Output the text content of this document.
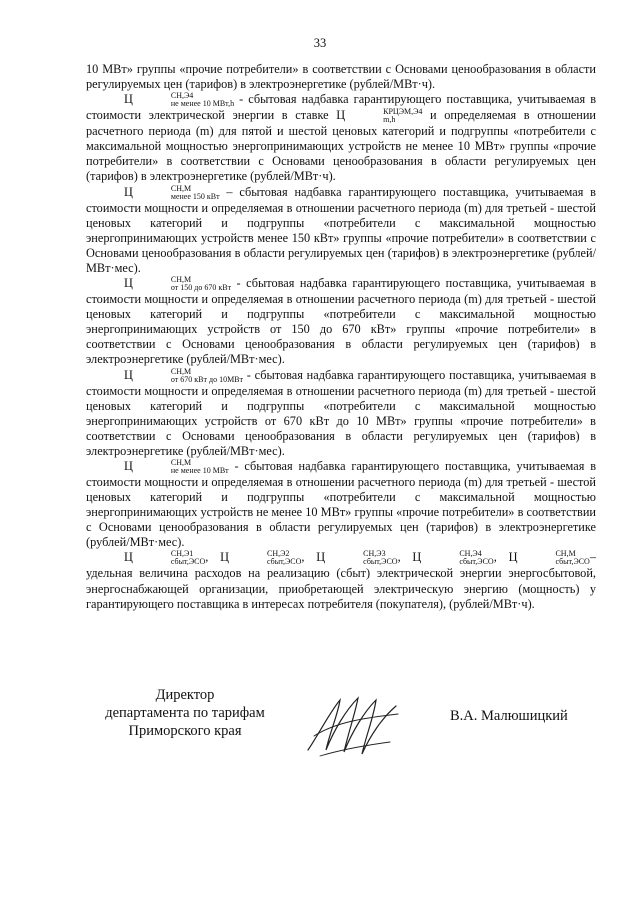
33

10 МВт» группы «прочие потребители» в соответствии с Основами ценообразования в области регулируемых цен (тарифов) в электроэнергетике (рублей/МВт·ч).

Ц	СН,Э4
не менее 10 МВт,h - сбытовая надбавка гарантирующего поставщика, учитываемая в стоимости электрической энергии в ставке Ц	КРЦЭМ,Э4
m,h	и определяемая в отношении расчетного периода (m) для пятой и шестой ценовых категорий и подгруппы «потребители с максимальной мощностью энергопринимающих устройств не менее 10 МВт» группы «прочие потребители» в соответствии с Основами ценообразования в области регулируемых цен (тарифов) в электроэнергетике (рублей/МВт·ч).

Ц	СН,М
менее 150 кВт – сбытовая надбавка гарантирующего поставщика, учитываемая в стоимости мощности и определяемая в отношении расчетного периода (m) для третьей - шестой ценовых категорий и подгруппы «потребители с максимальной мощностью энергопринимающих устройств менее 150 кВт» группы «прочие потребители» в соответствии с Основами ценообразования в области регулируемых цен (тарифов) в электроэнергетике (рублей/МВт·мес).

Ц	СН,М
от 150 до 670 кВт - сбытовая надбавка гарантирующего поставщика, учитываемая в стоимости мощности и определяемая в отношении расчетного периода (m) для третьей - шестой ценовых категорий и подгруппы «потребители с максимальной мощностью энергопринимающих устройств от 150 до 670 кВт» группы «прочие потребители» в соответствии с Основами ценообразования в области регулируемых цен (тарифов) в электроэнергетике (рублей/МВт·мес).

Ц	СН,М
от 670 кВт до 10МВт - сбытовая надбавка гарантирующего поставщика, учитываемая в стоимости мощности и определяемая в отношении расчетного периода (m) для третьей - шестой ценовых категорий и подгруппы «потребители с максимальной мощностью энергопринимающих устройств от 670 кВт до 10 МВт» группы «прочие потребители» в соответствии с Основами ценообразования в области регулируемых цен (тарифов) в электроэнергетике (рублей/МВт·мес).

Ц	СН,М
не менее 10 МВт - сбытовая надбавка гарантирующего поставщика, учитываемая в стоимости мощности и определяемая в отношении расчетного периода (m) для третьей - шестой ценовых категорий и подгруппы «потребители с максимальной мощностью энергопринимающих устройств не менее 10 МВт» группы «прочие потребители» в соответствии с Основами ценообразования в области регулируемых цен (тарифов) в электроэнергетике (рублей/МВт·мес).

Ц	СН,Э1
сбыт,ЭСО , Ц	СН,Э2
сбыт,ЭСО , Ц	СН,Э3
сбыт,ЭСО , Ц	СН,Э4
сбыт,ЭСО , Ц	СН,М
сбыт,ЭСО –удельная величина расходов на реализацию (сбыт) электрической энергии энергосбытовой, энергоснабжающей организации, приобретающей электрическую энергию (мощность) у гарантирующего поставщика в интересах потребителя (покупателя), (рублей/МВт·ч).

Директор
департамента по тарифам
Приморского края
В.А. Малюшицкий
